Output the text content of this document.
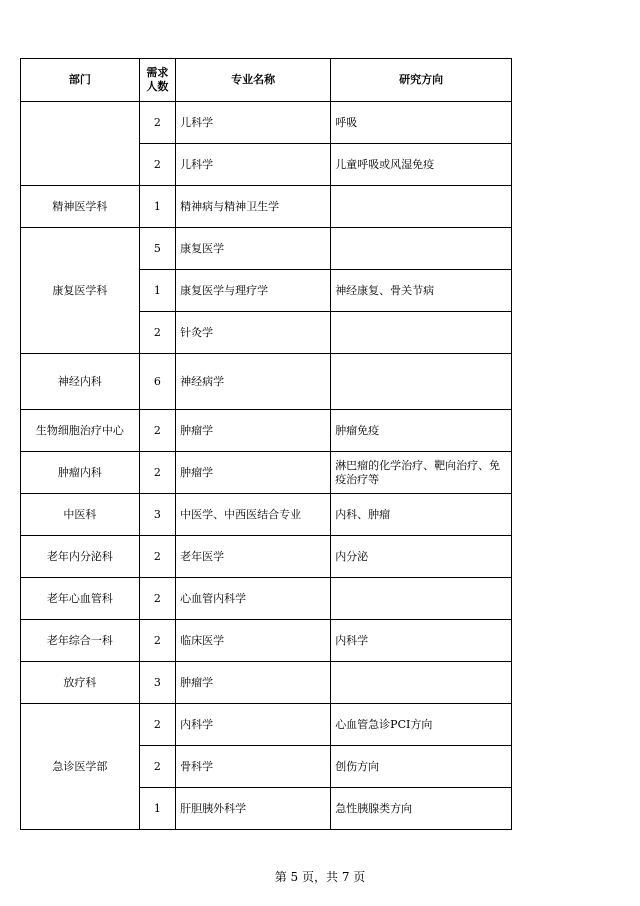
部门	需求人数	专业名称	研究方向
	2	儿科学	呼吸
	2	儿科学	儿童呼吸或风湿免疫
精神医学科	1	精神病与精神卫生学	
康复医学科	5	康复医学	
	1	康复医学与理疗学	神经康复、骨关节病
	2	针灸学	
神经内科	6	神经病学	
生物细胞治疗中心	2	肿瘤学	肿瘤免疫
肿瘤内科	2	肿瘤学	淋巴瘤的化学治疗、靶向治疗、免疫治疗等
中医科	3	中医学、中西医结合专业	内科、肿瘤
老年内分泌科	2	老年医学	内分泌
老年心血管科	2	心血管内科学	
老年综合一科	2	临床医学	内科学
放疗科	3	肿瘤学	
急诊医学部	2	内科学	心血管急诊PCI方向
	2	骨科学	创伤方向
	1	肝胆胰外科学	急性胰腺类方向
第 5 页，共 7 页
